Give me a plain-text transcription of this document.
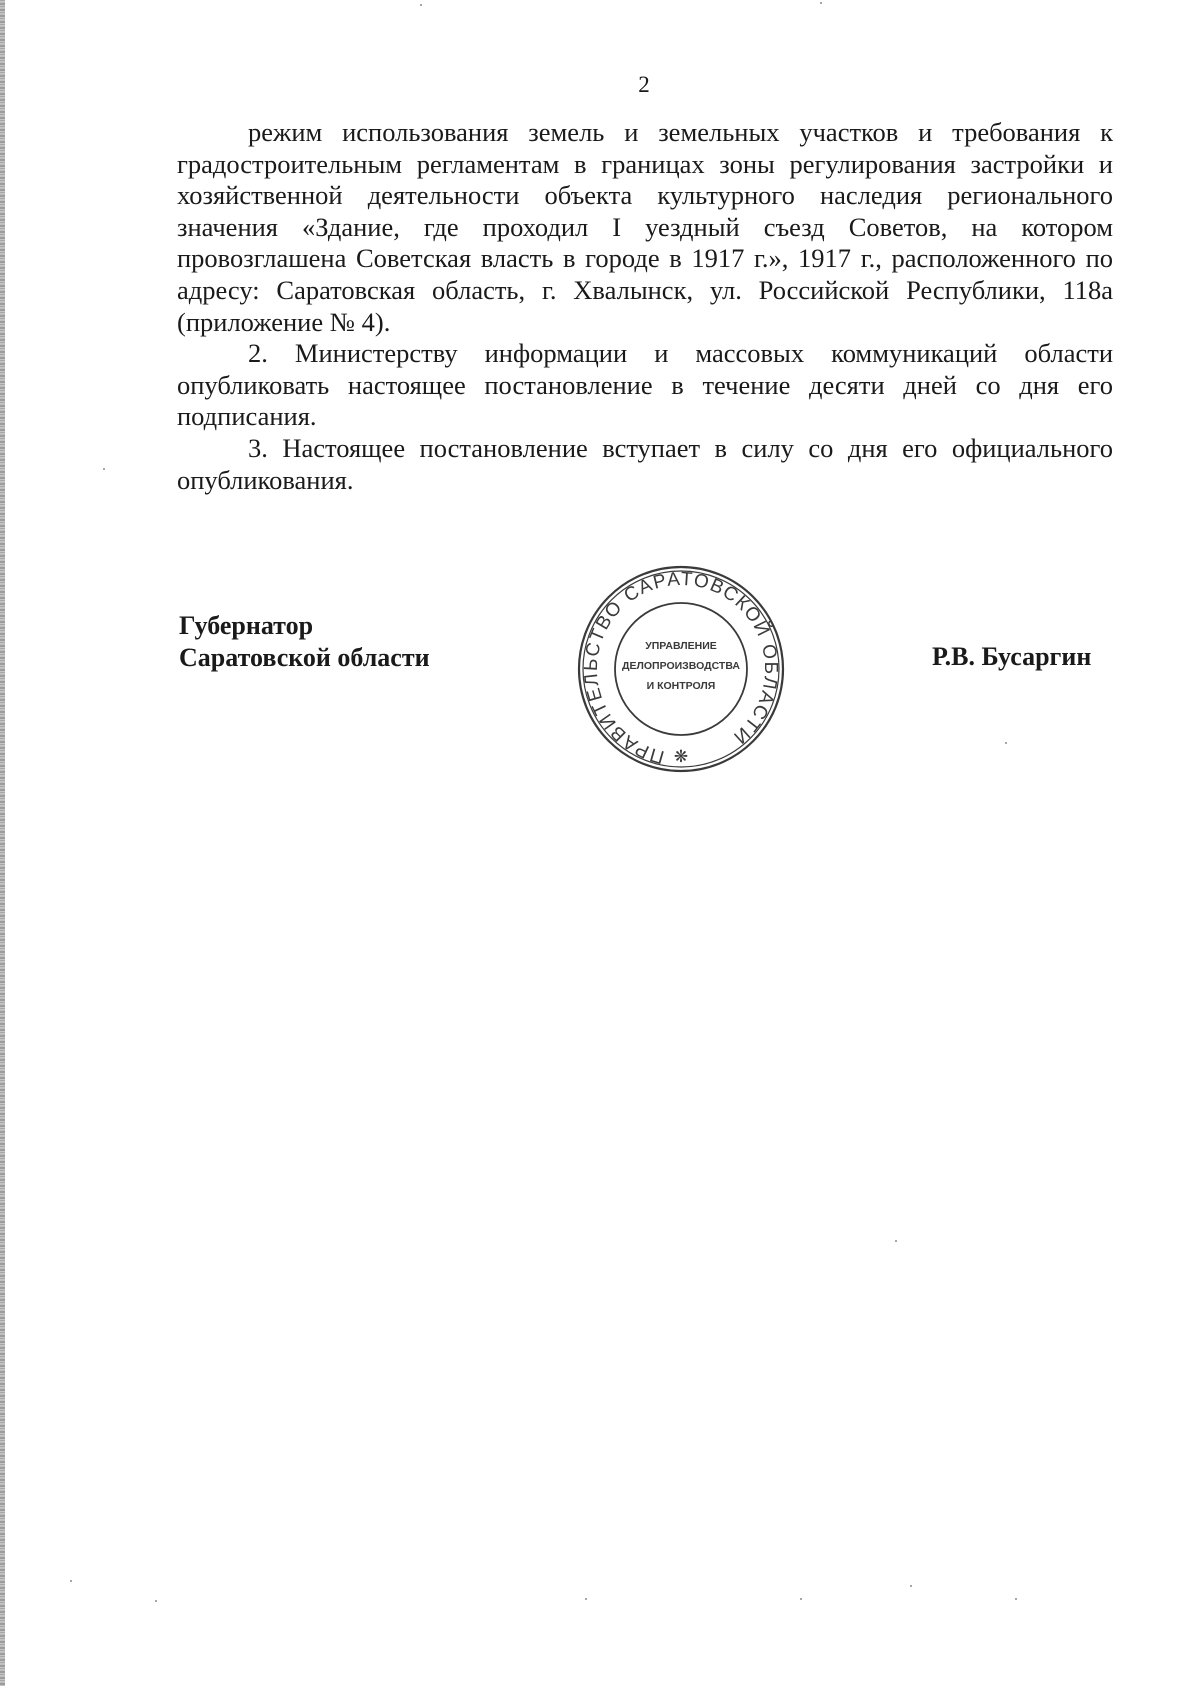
2

режим использования земель и земельных участков и требования к градостроительным регламентам в границах зоны регулирования застройки и хозяйственной деятельности объекта культурного наследия регионального значения «Здание, где проходил I уездный съезд Советов, на котором провозглашена Советская власть в городе в 1917 г.», 1917 г., расположенного по адресу: Саратовская область, г. Хвалынск, ул. Российской Республики, 118а (приложение № 4).

2. Министерству информации и массовых коммуникаций области опубликовать настоящее постановление в течение десяти дней со дня его подписания.

3. Настоящее постановление вступает в силу со дня его официального опубликования.

Губернатор
Саратовской области	Р.В. Бусаргин
ПРАВИТЕЛЬСТВО САРАТОВСКОЙ ОБЛАСТИ
УПРАВЛЕНИЕ
ДЕЛОПРОИЗВОДСТВА
И КОНТРОЛЯ
❋
